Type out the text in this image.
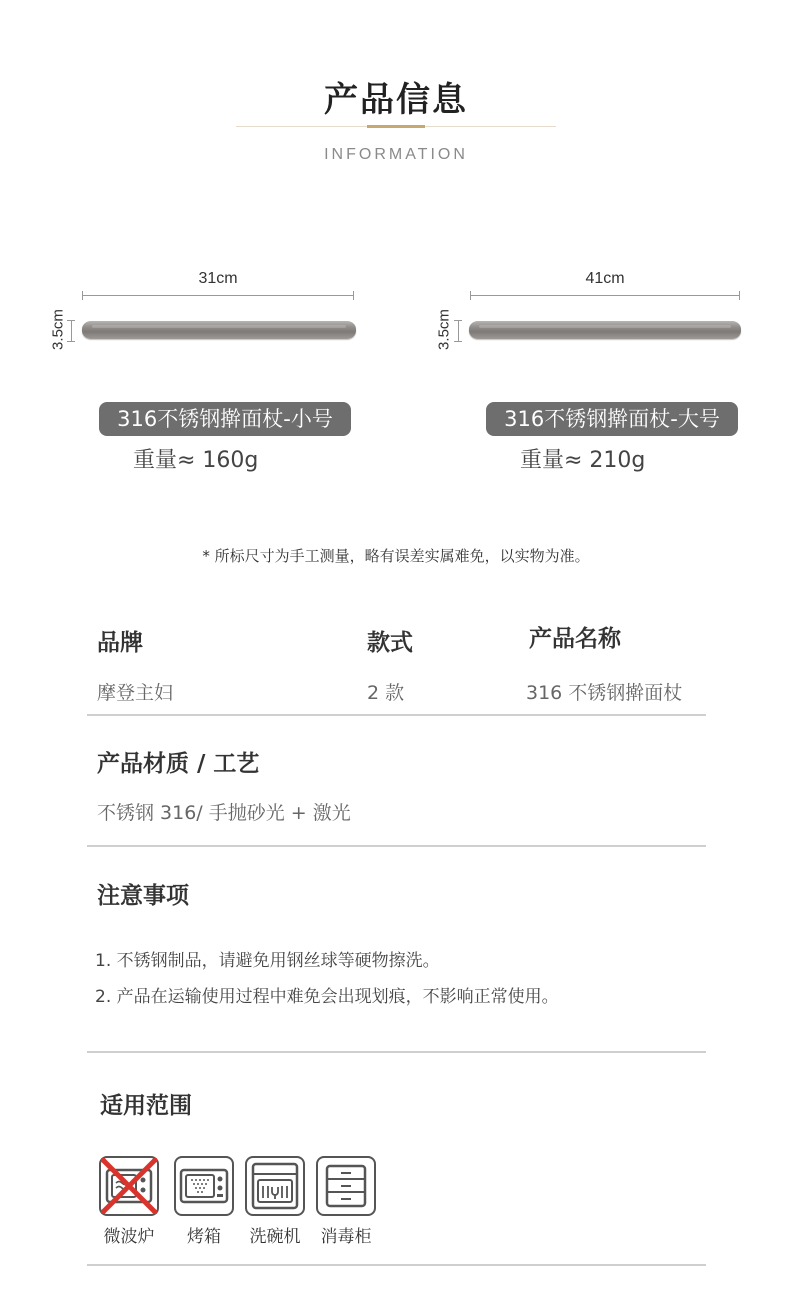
产品信息
INFORMATION
31cm
3.5cm
316不锈钢擀面杖-小号
重量≈ 160g
41cm
3.5cm
316不锈钢擀面杖-大号
重量≈ 210g
* 所标尺寸为手工测量，略有误差实属难免，以实物为准。
品牌	款式	产品名称
摩登主妇	2 款	316 不锈钢擀面杖
产品材质 / 工艺
不锈钢 316/ 手抛砂光 + 激光
注意事项
1. 不锈钢制品，请避免用钢丝球等硬物擦洗。
2. 产品在运输使用过程中难免会出现划痕，不影响正常使用。
适用范围
微波炉	烤箱	洗碗机	消毒柜
